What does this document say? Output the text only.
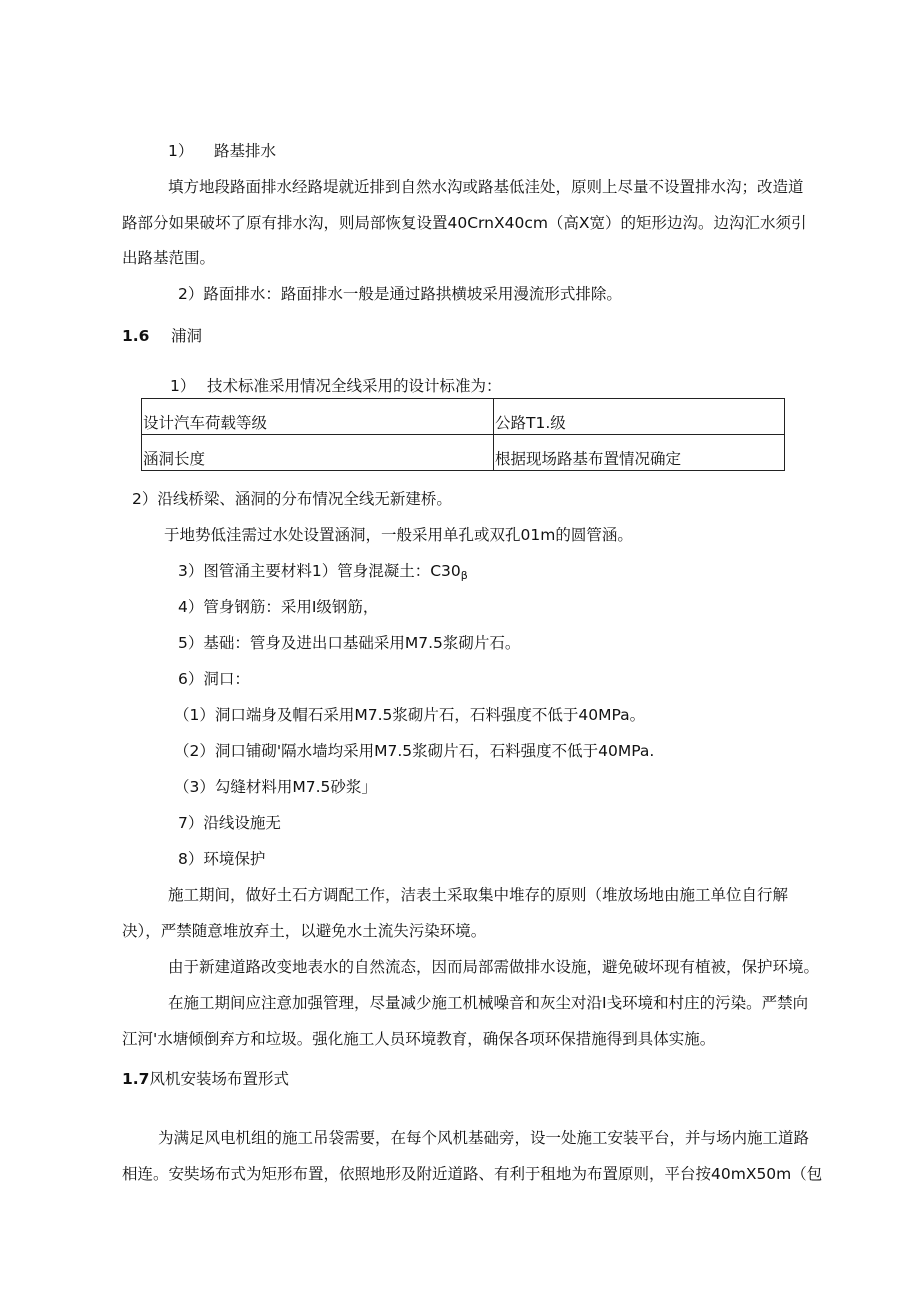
1） 路基排水
填方地段路面排水经路堤就近排到自然水沟或路基低洼处，原则上尽量不设置排水沟；改造道
路部分如果破坏了原有排水沟，则局部恢复设置40CrnX40cm（高X宽）的矩形边沟。边沟汇水须引
出路基范围。
2）路面排水：路面排水一般是通过路拱横坡采用漫流形式排除。
1.6 浦洞
1） 技术标准采用情况全线采用的设计标准为：
设计汽车荷载等级	公路T1.级
涵洞长度	根据现场路基布置情况确定
2）沿线桥梁、涵洞的分布情况全线无新建桥。
于地势低洼需过水处设置涵洞，一般采用单孔或双孔01m的圆管涵。
3）图管涌主要材料1）管身混凝土：$C30_\beta$
4）管身钢筋：采用I级钢筋，
5）基础：管身及进出口基础采用M7.5浆砌片石。
6）洞口：
（1）洞口端身及帽石采用M7.5浆砌片石，石料强度不低于40MPa。
（2）洞口铺砌'隔水墙均采用M7.5浆砌片石，石料强度不低于40MPa.
（3）勾缝材料用M7.5砂浆」
7）沿线设施无
8）环境保护
施工期间，做好土石方调配工作，洁表土采取集中堆存的原则（堆放场地由施工单位自行解
决），严禁随意堆放弃土，以避免水土流失污染环境。
由于新建道路改变地表水的自然流态，因而局部需做排水设施，避免破坏现有植被，保护环境。
在施工期间应注意加强管理，尽量减少施工机械噪音和灰尘对沿I戋环境和村庄的污染。严禁向
江河'水塘倾倒弃方和垃圾。强化施工人员环境教育，确保各项环保措施得到具体实施。
1.7风机安装场布置形式
为满足风电机组的施工吊袋需要，在每个风机基础旁，设一处施工安装平台，并与场内施工道路
相连。安奘场布式为矩形布置，依照地形及附近道路、有利于租地为布置原则，平台按40mX50m（包
